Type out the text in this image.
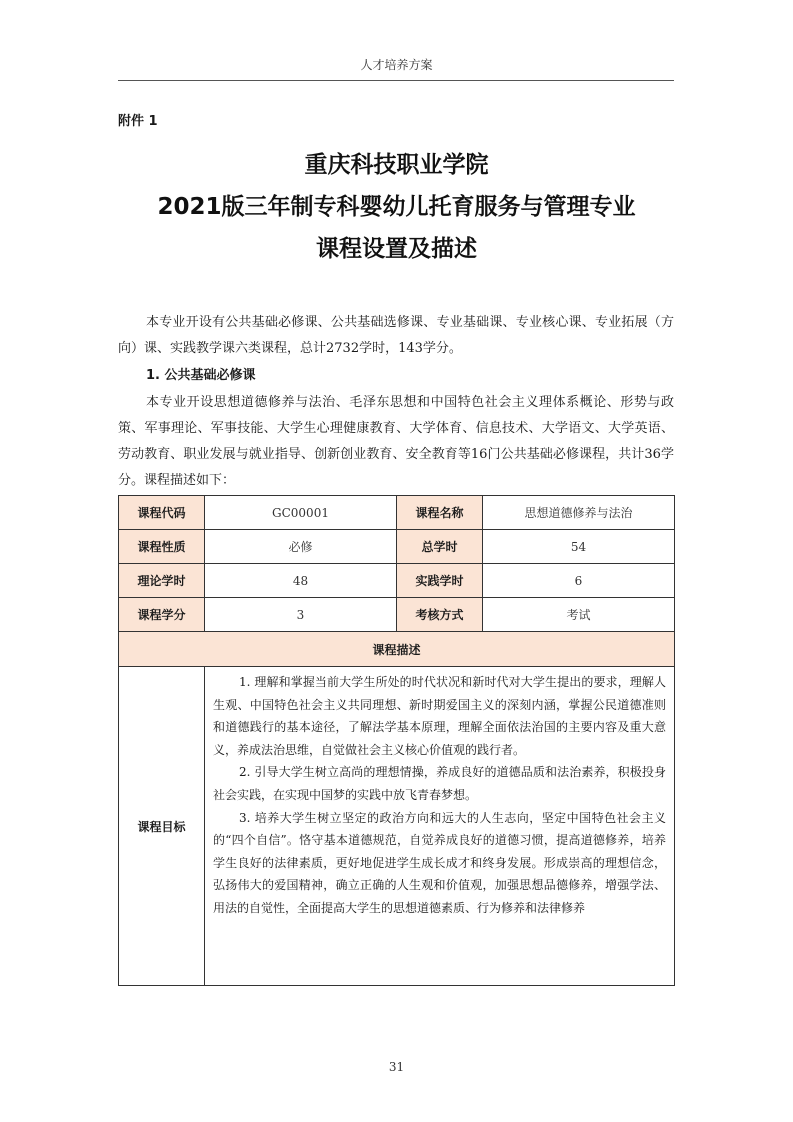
人才培养方案
附件 1
重庆科技职业学院
2021版三年制专科婴幼儿托育服务与管理专业
课程设置及描述
本专业开设有公共基础必修课、公共基础选修课、专业基础课、专业核心课、专业拓展（方向）课、实践教学课六类课程，总计2732学时，143学分。
1. 公共基础必修课
本专业开设思想道德修养与法治、毛泽东思想和中国特色社会主义理体系概论、形势与政策、军事理论、军事技能、大学生心理健康教育、大学体育、信息技术、大学语文、大学英语、劳动教育、职业发展与就业指导、创新创业教育、安全教育等16门公共基础必修课程，共计36学分。课程描述如下：
课程代码	GC00001	课程名称	思想道德修养与法治
课程性质	必修	总学时	54
理论学时	48	实践学时	6
课程学分	3	考核方式	考试
课程描述			
课程目标	1. 理解和掌握当前大学生所处的时代状况和新时代对大学生提出的要求，理解人生观、中国特色社会主义共同理想、新时期爱国主义的深刻内涵，掌握公民道德准则和道德践行的基本途径，了解法学基本原理，理解全面依法治国的主要内容及重大意义，养成法治思维，自觉做社会主义核心价值观的践行者。

2. 引导大学生树立高尚的理想情操，养成良好的道德品质和法治素养，积极投身社会实践，在实现中国梦的实践中放飞青春梦想。

3. 培养大学生树立坚定的政治方向和远大的人生志向，坚定中国特色社会主义的“四个自信”。恪守基本道德规范，自觉养成良好的道德习惯，提高道德修养，培养学生良好的法律素质，更好地促进学生成长成才和终身发展。形成崇高的理想信念，弘扬伟大的爱国精神，确立正确的人生观和价值观，加强思想品德修养，增强学法、用法的自觉性，全面提高大学生的思想道德素质、行为修养和法律修养		

31
